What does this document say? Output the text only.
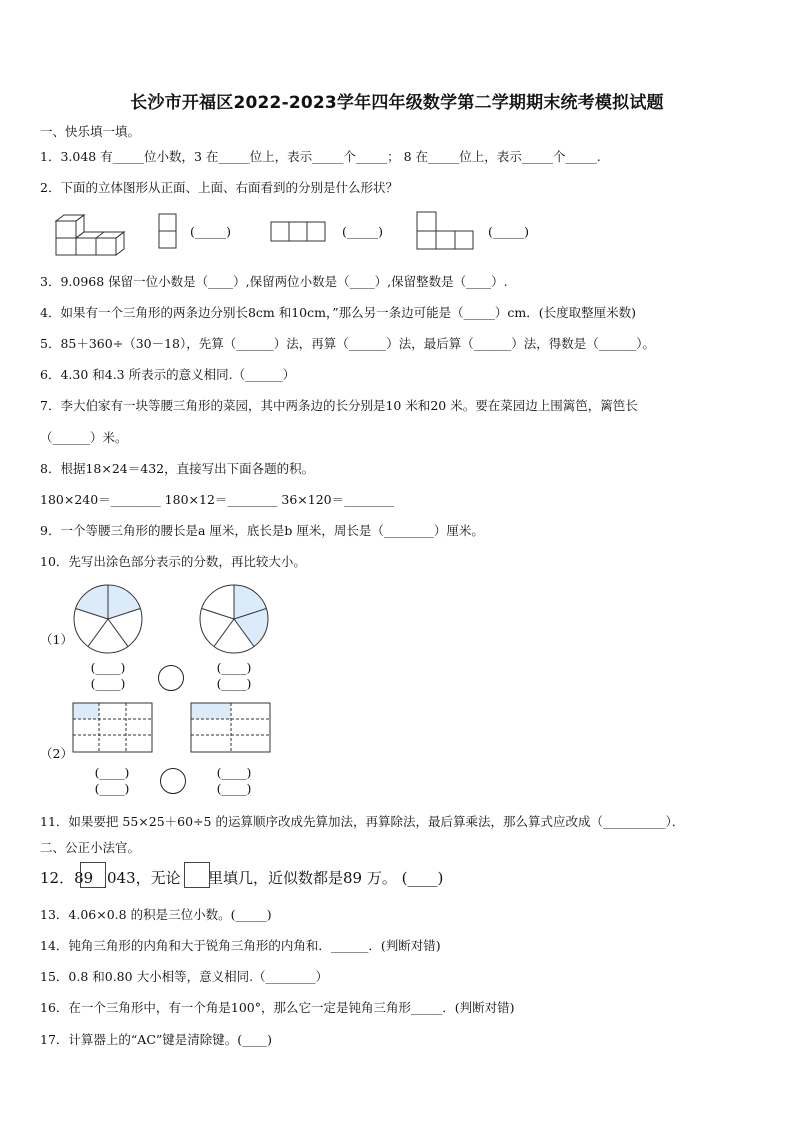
长沙市开福区2022-2023学年四年级数学第二学期期末统考模拟试题
一、快乐填一填。
1．3.048 有_____位小数，3 在_____位上，表示_____个_____； 8 在_____位上，表示_____个_____.
2．下面的立体图形从正面、上面、右面看到的分别是什么形状？
(_____)	(_____)	(_____)
3．9.0968 保留一位小数是（____）,保留两位小数是（____）,保留整数是（____）.
4．如果有一个三角形的两条边分别长8cm 和10cm，”那么另一条边可能是（_____）cm．(长度取整厘米数)
5．85＋360÷（30－18），先算（______）法，再算（______）法，最后算（______）法，得数是（______）。
6．4.30 和4.3 所表示的意义相同.（______）
7．李大伯家有一块等腰三角形的菜园，其中两条边的长分别是10 米和20 米。要在菜园边上围篱笆，篱笆长
（______）米。
8．根据18×24＝432，直接写出下面各题的积。
180×240＝________ 180×12＝________ 36×120＝________
9．一个等腰三角形的腰长是a 厘米，底长是b 厘米，周长是（________）厘米。
10．先写出涂色部分表示的分数，再比较大小。
（1）
(____)
(____)
(____)
(____)
（2）
(____)
(____)
(____)
(____)
11．如果要把 55×25＋60÷5 的运算顺序改成先算加法，再算除法，最后算乘法，那么算式应改成（__________）．
二、公正小法官。
12．89 043，无论 里填几，近似数都是89 万。 (____)
13．4.06×0.8 的积是三位小数。(_____)
14．钝角三角形的内角和大于锐角三角形的内角和．______．(判断对错)
15．0.8 和0.80 大小相等，意义相同.（________）
16．在一个三角形中，有一个角是100°，那么它一定是钝角三角形_____．(判断对错)
17．计算器上的“AC”键是清除键。(____)
